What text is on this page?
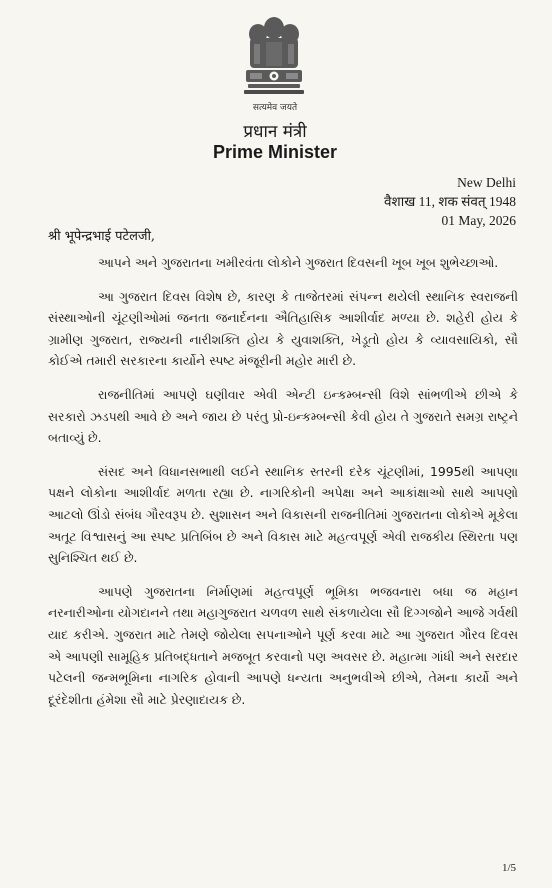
सत्यमेव जयते
प्रधान मंत्री
Prime Minister
New Delhi
वैशाख 11, शक संवत् 1948
01 May, 2026
श्री भूपेन्द्रभाई पटेलजी,

આપને અને ગુજરાતના ખમીરવંતા લોકોને ગુજરાત દિવસની ખૂબ ખૂબ શુભેચ્છાઓ.

આ ગુજરાત દિવસ વિશેષ છે, કારણ કે તાજેતરમાં સંપન્ન થયેલી સ્થાનિક સ્વરાજની સંસ્થાઓની ચૂંટણીઓમાં જનતા જનાર્દનના ઐતિહાસિક આશીર્વાદ મળ્યા છે. શહેરી હોય કે ગ્રામીણ ગુજરાત, રાજ્યની નારીશક્તિ હોય કે યુવાશક્તિ, ખેડૂતો હોય કે વ્યાવસાયિકો, સૌ કોઈએ તમારી સરકારના કાર્યોને સ્પષ્ટ મંજૂરીની મહોર મારી છે.

રાજનીતિમાં આપણે ઘણીવાર એવી એન્ટી ઇન્કમ્બન્સી વિશે સાંભળીએ છીએ કે સરકારો ઝડપથી આવે છે અને જાય છે પરંતુ પ્રો-ઇન્કમ્બન્સી કેવી હોય તે ગુજરાતે સમગ્ર રાષ્ટ્રને બતાવ્યું છે.

સંસદ અને વિધાનસભાથી લઈને સ્થાનિક સ્તરની દરેક ચૂંટણીમાં, 1995થી આપણા પક્ષને લોકોના આશીર્વાદ મળતા રહ્યા છે. નાગરિકોની અપેક્ષા અને આકાંક્ષાઓ સાથે આપણો આટલો ઊંડો સંબંધ ગૌરવરૂપ છે. સુશાસન અને વિકાસની રાજનીતિમાં ગુજરાતના લોકોએ મૂકેલા અતૂટ વિશ્વાસનું આ સ્પષ્ટ પ્રતિબિંબ છે અને વિકાસ માટે મહત્વપૂર્ણ એવી રાજકીય સ્થિરતા પણ સુનિશ્ચિત થઈ છે.

આપણે ગુજરાતના નિર્માણમાં મહત્વપૂર્ણ ભૂમિકા ભજવનારા બધા જ મહાન નરનારીઓના યોગદાનને તથા મહાગુજરાત ચળવળ સાથે સંકળાયેલા સૌ દિગ્ગજોને આજે ગર્વથી યાદ કરીએ. ગુજરાત માટે તેમણે જોયેલા સપનાઓને પૂર્ણ કરવા માટે આ ગુજરાત ગૌરવ દિવસ એ આપણી સામૂહિક પ્રતિબદ્ધતાને મજબૂત કરવાનો પણ અવસર છે. મહાત્મા ગાંધી અને સરદાર પટેલની જન્મભૂમિના નાગરિક હોવાની આપણે ધન્યતા અનુભવીએ છીએ, તેમના કાર્યો અને દૂરંદેશીતા હંમેશા સૌ માટે પ્રેરણાદાયક છે.

1/5
